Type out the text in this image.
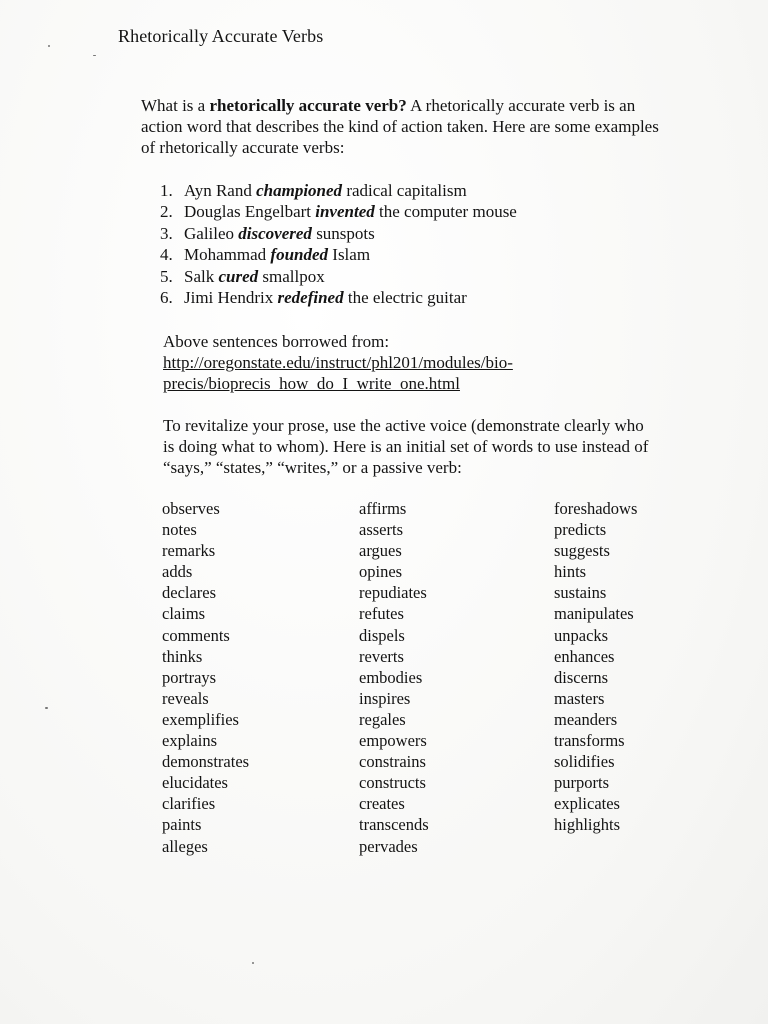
Rhetorically Accurate Verbs
What is a rhetorically accurate verb? A rhetorically accurate verb is an action word that describes the kind of action taken. Here are some examples of rhetorically accurate verbs:
1. Ayn Rand championed radical capitalism
2. Douglas Engelbart invented the computer mouse
3. Galileo discovered sunspots
4. Mohammad founded Islam
5. Salk cured smallpox
6. Jimi Hendrix redefined the electric guitar
Above sentences borrowed from:
http://oregonstate.edu/instruct/phl201/modules/bio-
precis/bioprecis_how_do_I_write_one.html
To revitalize your prose, use the active voice (demonstrate clearly who is doing what to whom). Here is an initial set of words to use instead of “says,” “states,” “writes,” or a passive verb:
observes
notes
remarks
adds
declares
claims
comments
thinks
portrays
reveals
exemplifies
explains
demonstrates
elucidates
clarifies
paints
alleges
affirms
asserts
argues
opines
repudiates
refutes
dispels
reverts
embodies
inspires
regales
empowers
constrains
constructs
creates
transcends
pervades
foreshadows
predicts
suggests
hints
sustains
manipulates
unpacks
enhances
discerns
masters
meanders
transforms
solidifies
purports
explicates
highlights
